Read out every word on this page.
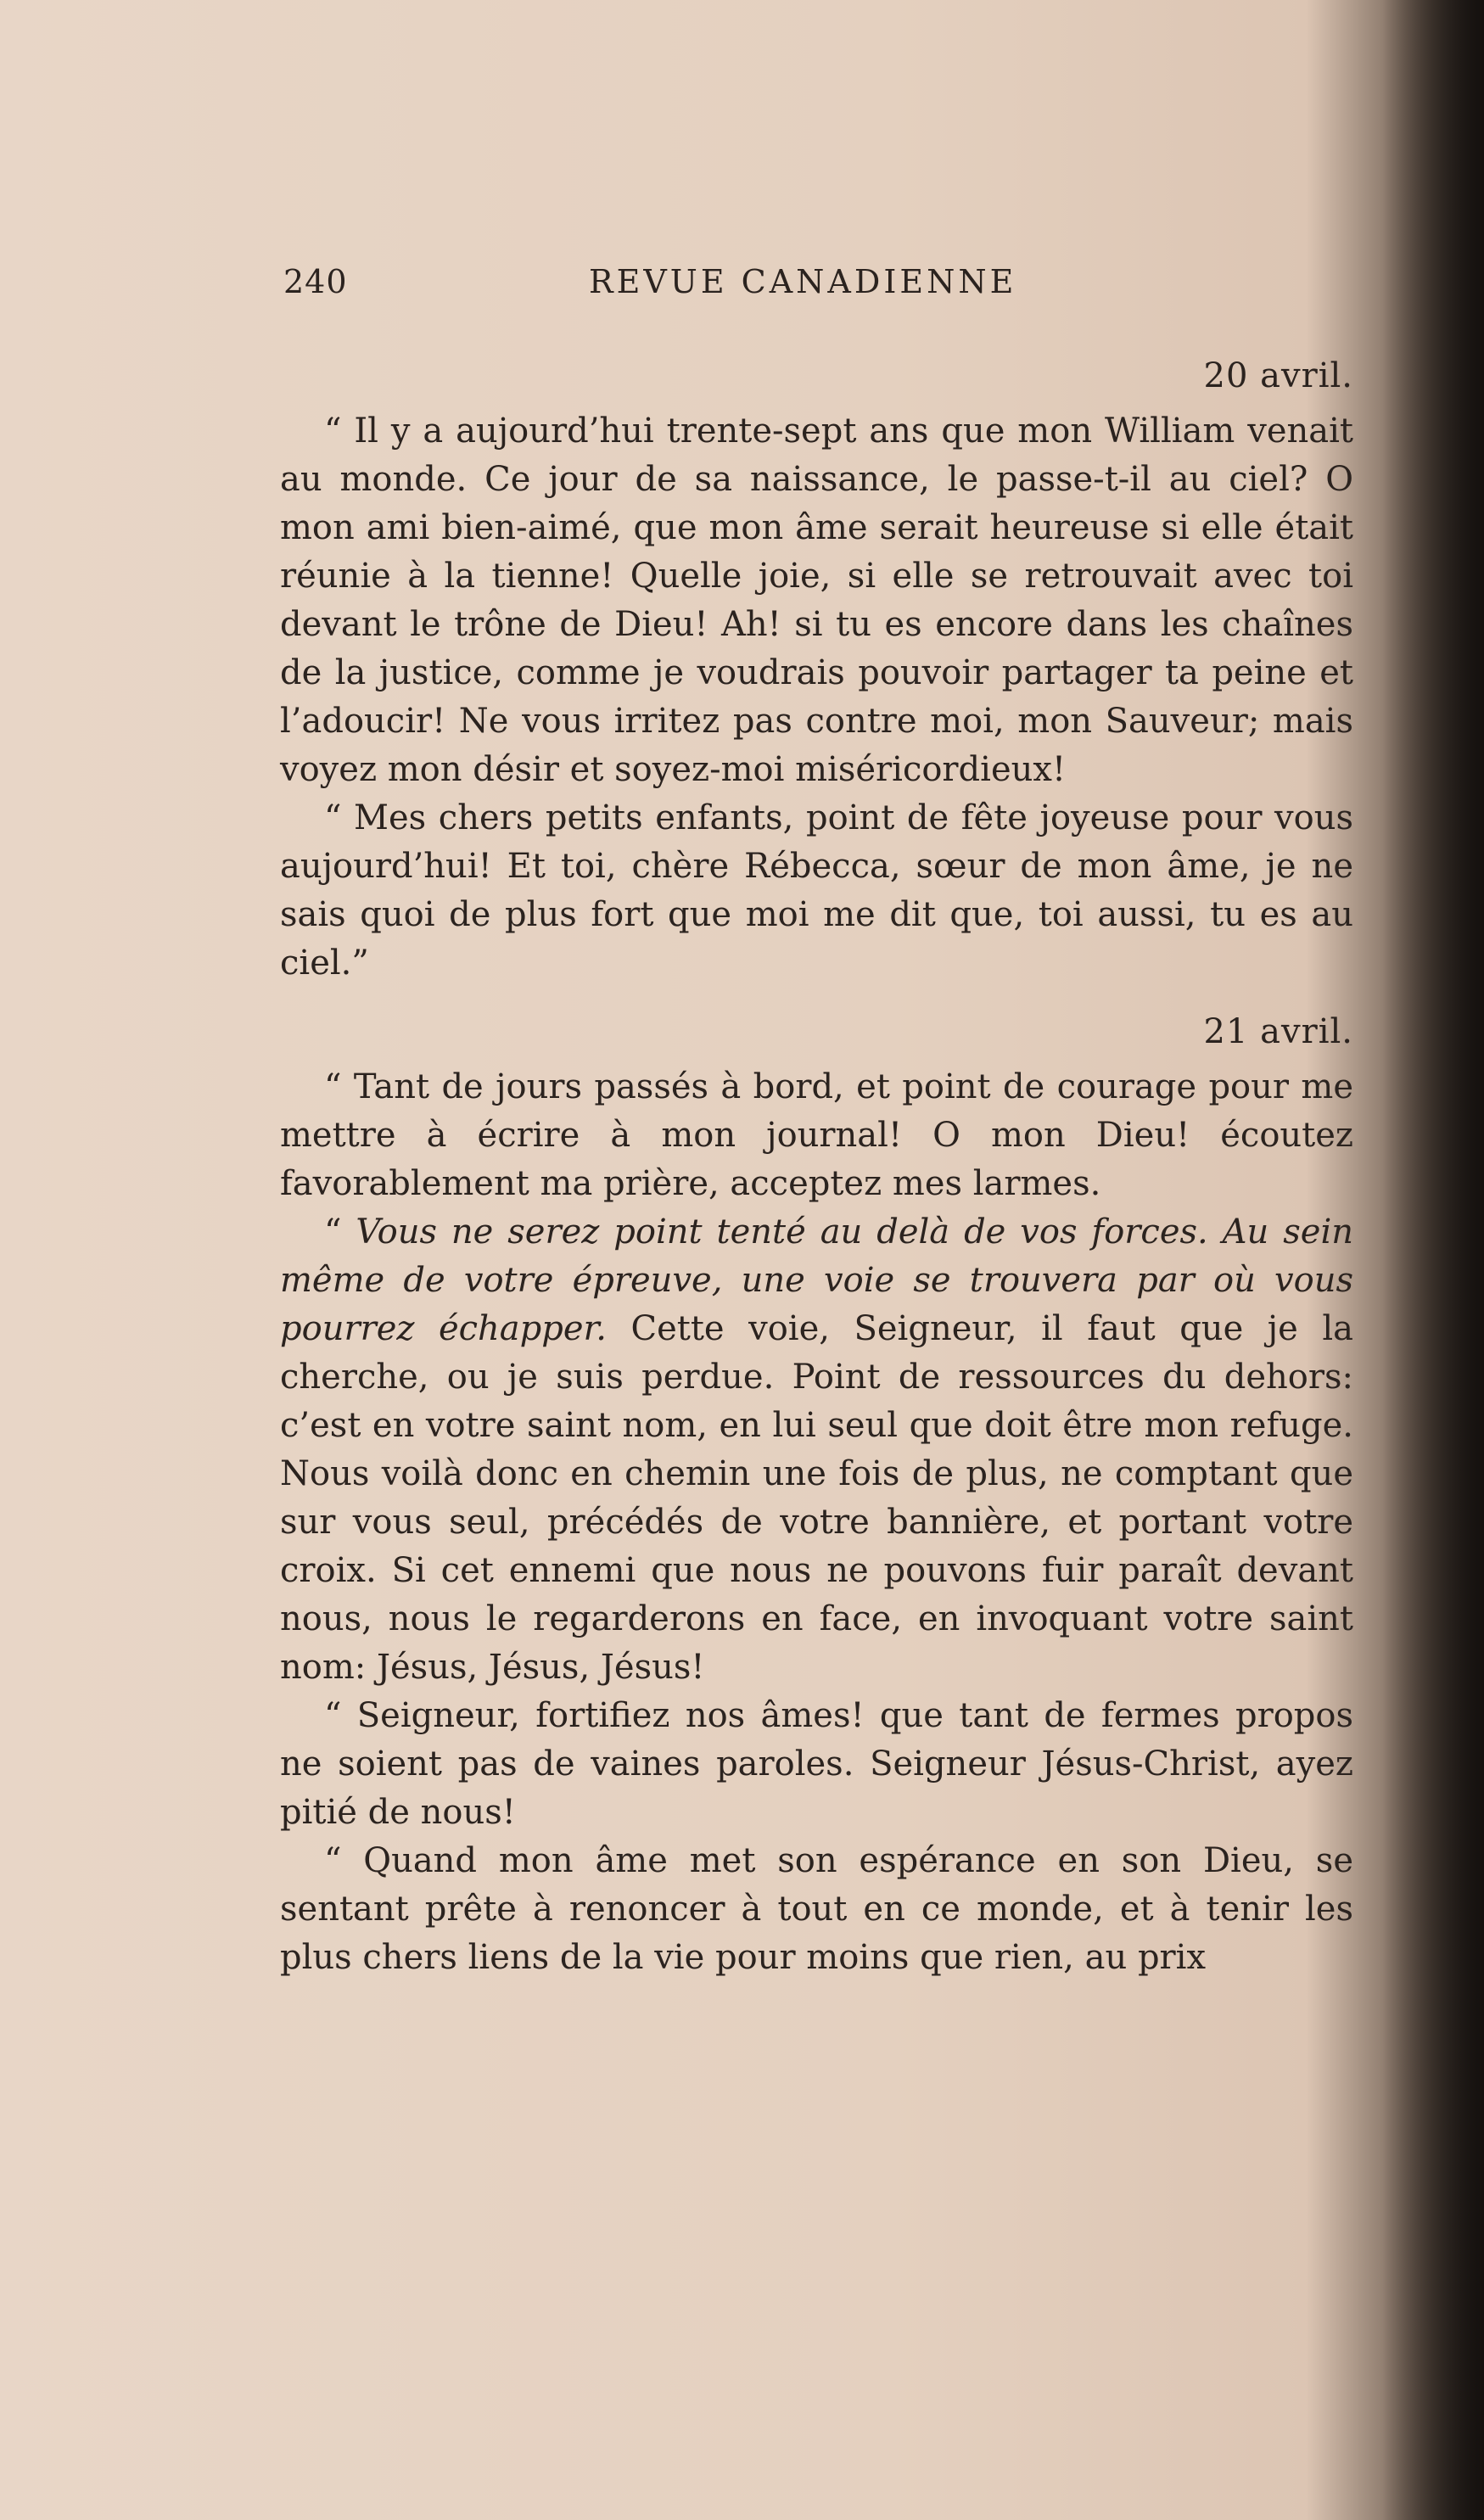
240	REVUE CANADIENNE
20 avril.

“ Il y a aujourd’hui trente-sept ans que mon William venait au monde. Ce jour de sa naissance, le passe-t-il au ciel? O mon ami bien-aimé, que mon âme serait heureuse si elle était réunie à la tienne! Quelle joie, si elle se retrouvait avec toi devant le trône de Dieu! Ah! si tu es encore dans les chaînes de la justice, comme je voudrais pouvoir partager ta peine et l’adoucir! Ne vous irritez pas contre moi, mon Sauveur; mais voyez mon désir et soyez-moi miséricordieux!

“ Mes chers petits enfants, point de fête joyeuse pour vous aujourd’hui! Et toi, chère Rébecca, sœur de mon âme, je ne sais quoi de plus fort que moi me dit que, toi aussi, tu es au ciel.”

21 avril.

“ Tant de jours passés à bord, et point de courage pour me mettre à écrire à mon journal! O mon Dieu! écoutez favorablement ma prière, acceptez mes larmes.

“ Vous ne serez point tenté au delà de vos forces. Au sein même de votre épreuve, une voie se trouvera par où vous pourrez échapper. Cette voie, Seigneur, il faut que je la cherche, ou je suis perdue. Point de ressources du dehors: c’est en votre saint nom, en lui seul que doit être mon refuge. Nous voilà donc en chemin une fois de plus, ne comptant que sur vous seul, précédés de votre bannière, et portant votre croix. Si cet ennemi que nous ne pouvons fuir paraît devant nous, nous le regarderons en face, en invoquant votre saint nom: Jésus, Jésus, Jésus!

“ Seigneur, fortifiez nos âmes! que tant de fermes propos ne soient pas de vaines paroles. Seigneur Jésus-Christ, ayez pitié de nous!

“ Quand mon âme met son espérance en son Dieu, se sentant prête à renoncer à tout en ce monde, et à tenir les plus chers liens de la vie pour moins que rien, au prix
